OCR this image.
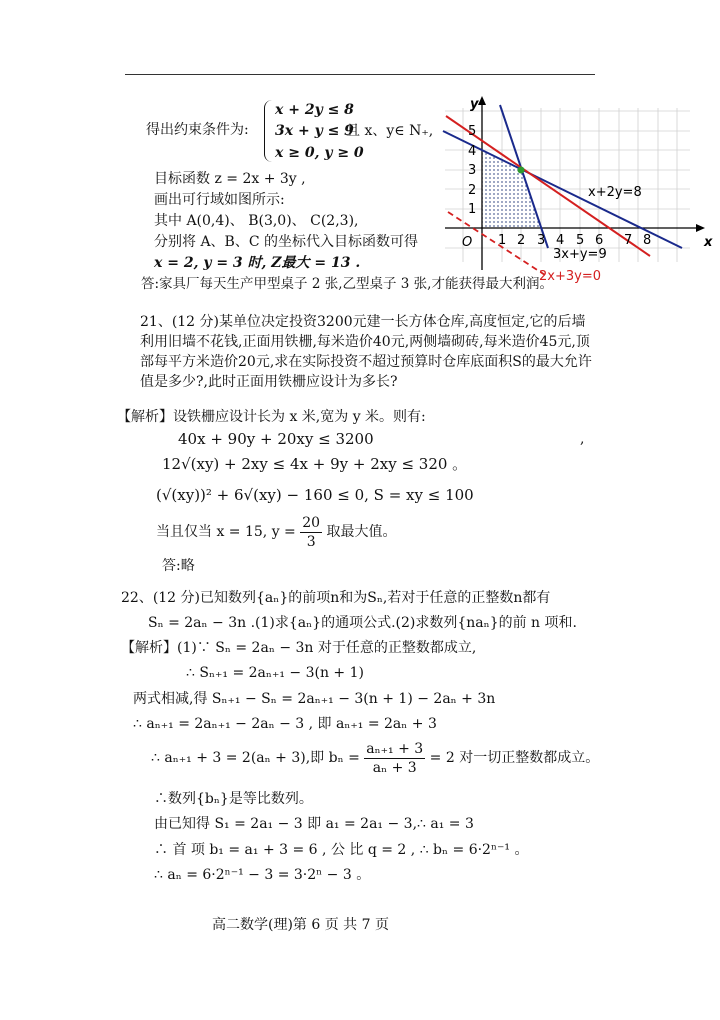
得出约束条件为:
x + 2y ≤ 8
3x + y ≤ 9
且 x、y∈ N₊,
x ≥ 0, y ≥ 0
目标函数 z = 2x + 3y ,
画出可行域如图所示:
其中 A(0,4)、 B(3,0)、 C(2,3),
分别将 A、B、C 的坐标代入目标函数可得
x = 2, y = 3 时, Z最大 = 13 .
答:家具厂每天生产甲型桌子 2 张,乙型桌子 3 张,才能获得最大利润。
y
x
O 1 2 3 4 5 6 7 8
1
2
3
4
5
x+2y=8
3x+y=9
2x+3y=0
21、(12 分)某单位决定投资3200元建一长方体仓库,高度恒定,它的后墙利用旧墙不花钱,正面用铁栅,每米造价40元,两侧墙砌砖,每米造价45元,顶部每平方米造价20元,求在实际投资不超过预算时仓库底面积S的最大允许值是多少?,此时正面用铁栅应设计为多长?
【解析】设铁栅应设计长为 x 米,宽为 y 米。则有:
40x + 90y + 20xy ≤ 3200	,
12√(xy) + 2xy ≤ 4x + 9y + 2xy ≤ 320 。
(√(xy))² + 6√(xy) − 160 ≤ 0, S = xy ≤ 100
当且仅当 x = 15, $y = \frac{20}{3}$ 取最大值。
答:略
22、(12 分)已知数列{aₙ}的前项n和为Sₙ,若对于任意的正整数n都有
Sₙ = 2aₙ − 3n .(1)求{aₙ}的通项公式.(2)求数列{naₙ}的前 n 项和.
【解析】(1)∵ Sₙ = 2aₙ − 3n 对于任意的正整数都成立,
∴ Sₙ₊₁ = 2aₙ₊₁ − 3(n + 1)
两式相减,得 Sₙ₊₁ − Sₙ = 2aₙ₊₁ − 3(n + 1) − 2aₙ + 3n
∴ aₙ₊₁ = 2aₙ₊₁ − 2aₙ − 3 , 即 aₙ₊₁ = 2aₙ + 3
∴ aₙ₊₁ + 3 = 2(aₙ + 3),即 $b_n = \frac{\text{aₙ₊₁ + 3}}{\text{aₙ + 3}} = 2$ 对一切正整数都成立。
∴数列{bₙ}是等比数列。
由已知得 S₁ = 2a₁ − 3 即 a₁ = 2a₁ − 3,∴ a₁ = 3
∴ 首 项 b₁ = a₁ + 3 = 6 , 公 比 q = 2 , ∴ bₙ = 6·2ⁿ⁻¹ 。
∴ aₙ = 6·2ⁿ⁻¹ − 3 = 3·2ⁿ − 3 。
高二数学(理)第 6 页 共 7 页
